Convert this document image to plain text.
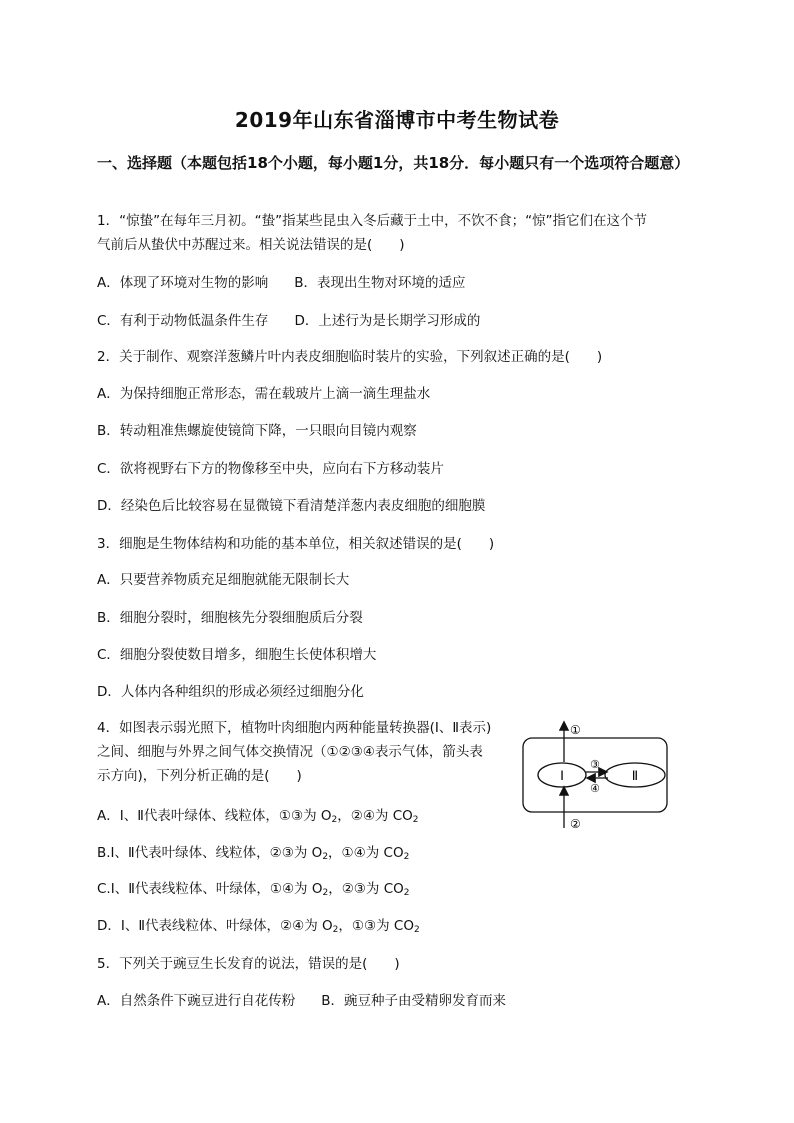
2019年山东省淄博市中考生物试卷
一、选择题（本题包括18个小题，每小题1分，共18分．每小题只有一个选项符合题意）
1．“惊蛰”在每年三月初。“蛰”指某些昆虫入冬后藏于土中，不饮不食；“惊”指它们在这个节
气前后从蛰伏中苏醒过来。相关说法错误的是(　　)
A．体现了环境对生物的影响 B．表现出生物对环境的适应
C．有利于动物低温条件生存 D．上述行为是长期学习形成的
2．关于制作、观察洋葱鳞片叶内表皮细胞临时装片的实验，下列叙述正确的是(　　)
A．为保持细胞正常形态，需在载玻片上滴一滴生理盐水
B．转动粗准焦螺旋使镜筒下降，一只眼向目镜内观察
C．欲将视野右下方的物像移至中央，应向右下方移动装片
D．经染色后比较容易在显微镜下看清楚洋葱内表皮细胞的细胞膜
3．细胞是生物体结构和功能的基本单位，相关叙述错误的是(　　)
A．只要营养物质充足细胞就能无限制长大
B．细胞分裂时，细胞核先分裂细胞质后分裂
C．细胞分裂使数目增多，细胞生长使体积增大
D．人体内各种组织的形成必须经过细胞分化
4．如图表示弱光照下，植物叶肉细胞内两种能量转换器(Ⅰ、Ⅱ表示)
之间、细胞与外界之间气体交换情况（①②③④表示气体，箭头表
示方向)，下列分析正确的是(　　)
A．Ⅰ、Ⅱ代表叶绿体、线粒体，①③为 $O_2$，②④为 $CO_2$
B.Ⅰ、Ⅱ代表叶绿体、线粒体，②③为 $O_2$，①④为 $CO_2$
C.Ⅰ、Ⅱ代表线粒体、叶绿体，①④为 $O_2$，②③为 $CO_2$
D．Ⅰ、Ⅱ代表线粒体、叶绿体，②④为 $O_2$，①③为 $CO_2$
Ⅰ	Ⅱ
①
②
③
④
5．下列关于豌豆生长发育的说法，错误的是(　　)
A．自然条件下豌豆进行自花传粉 B．豌豆种子由受精卵发育而来
